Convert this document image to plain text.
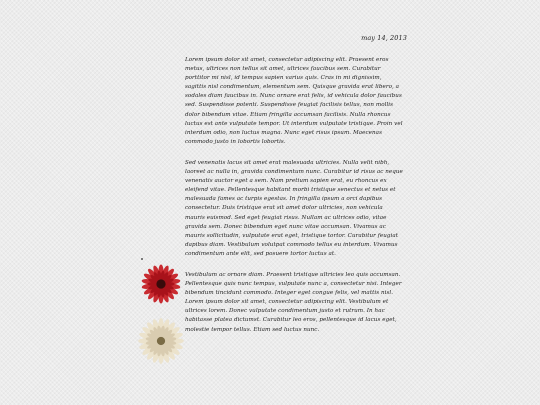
may 14, 2013

Lorem ipsum dolor sit amet, consectetur adipiscing elit. Praesent eros metus, ultrices non tellus sit amet, ultrices faucibus sem. Curabitur porttitor mi nisl, id tempus sapien varius quis. Cras in mi dignissim, sagittis nisl condimentum, elementum sem. Quisque gravida erat libero, a sodales diam faucibus in. Nunc ornare erat felis, id vehicula dolor faucibus sed. Suspendisse potenti. Suspendisse feugiat facilisis tellus, non mollis dolor bibendum vitae. Etiam fringilla accumsan facilisis. Nulla rhoncus luctus est ante vulputate tempor. Ut interdum vulputate tristique. Proin vel interdum odio, non luctus magna. Nunc eget risus ipsum. Maecenas commodo justo in lobortis lobortis.

Sed venenatis lacus sit amet erat malesuada ultricies. Nulla velit nibh, laoreet ac nulla in, gravida condimentum nunc. Curabitur id risus ac neque venenatis auctor eget a sem. Nam pretium sapien erat, eu rhoncus ex eleifend vitae. Pellentesque habitant morbi tristique senectus et netus et malesuada fames ac turpis egestas. In fringilla ipsum a orci dapibus consectetur. Duis tristique erat sit amet dolor ultricies, non vehicula mauris euismod. Sed eget feugiat risus. Nullam ac ultrices odio, vitae gravida sem. Donec bibendum eget nunc vitae accumsan. Vivamus ac mauris sollicitudin, vulputate erat eget, tristique tortor. Curabitur feugiat dapibus diam. Vestibulum volutpat commodo tellus eu interdum. Vivamus condimentum ante elit, sed posuere tortor luctus at.

Vestibulum ac ornare diam. Praesent tristique ultricies leo quis accumsan. Pellentesque quis nunc tempus, vulputate nunc a, consectetur nisi. Integer bibendum tincidunt commodo. Integer eget congue felis, vel mattis nisl. Lorem ipsum dolor sit amet, consectetur adipiscing elit. Vestibulum et ultrices lorem. Donec vulputate condimentum justo et rutrum. In hac habitasse platea dictumst. Curabitur leo eros, pellentesque id lacus eget, molestie tempor tellus. Etiam sed luctus nunc.
